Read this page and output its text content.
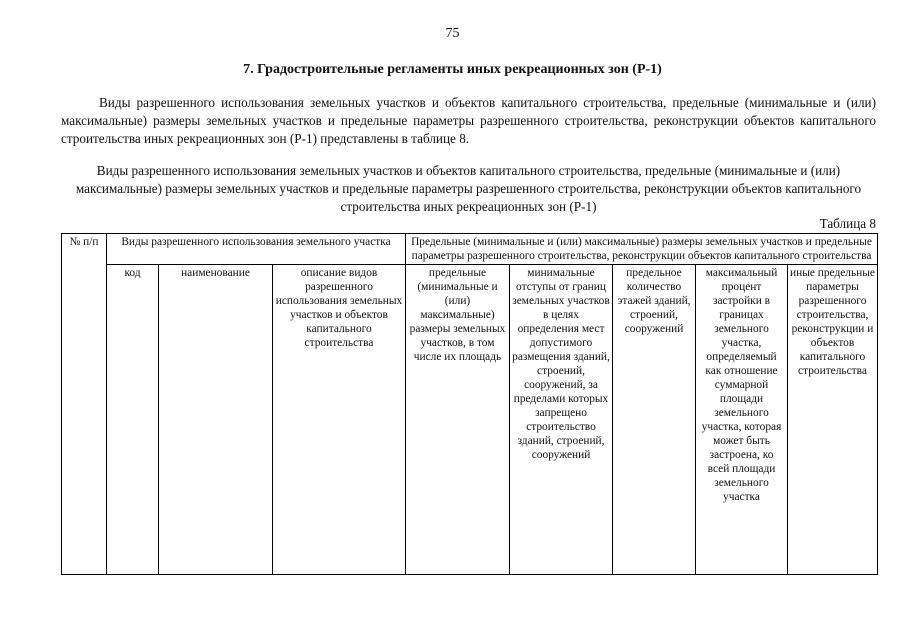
75
7. Градостроительные регламенты иных рекреационных зон (Р-1)

Виды разрешенного использования земельных участков и объектов капитального строительства, предельные (минимальные и (или) максимальные) размеры земельных участков и предельные параметры разрешенного строительства, реконструкции объектов капитального строительства иных рекреационных зон (Р-1) представлены в таблице 8.

Виды разрешенного использования земельных участков и объектов капитального строительства, предельные (минимальные и (или) максимальные) размеры земельных участков и предельные параметры разрешенного строительства, реконструкции объектов капитального строительства иных рекреационных зон (Р-1)

Таблица 8
№ п/п	Виды разрешенного использования земельного участка			Предельные (минимальные и (или) максимальные) размеры земельных участков и предельные параметры разрешенного строительства, реконструкции объектов капитального строительства				
	код	наименование	описание видов разрешенного использования земельных участков и объектов капитального строительства	предельные (минимальные и (или) максимальные) размеры земельных участков, в том числе их площадь	минимальные отступы от границ земельных участков в целях определения мест допустимого размещения зданий, строений, сооружений, за пределами которых запрещено строительство зданий, строений, сооружений	предельное количество этажей зданий, строений, сооружений	максимальный процент застройки в границах земельного участка, определяемый как отношение суммарной площади земельного участка, которая может быть застроена, ко всей площади земельного участка	иные предельные параметры разрешенного строительства, реконструкции и объектов капитального строительства
